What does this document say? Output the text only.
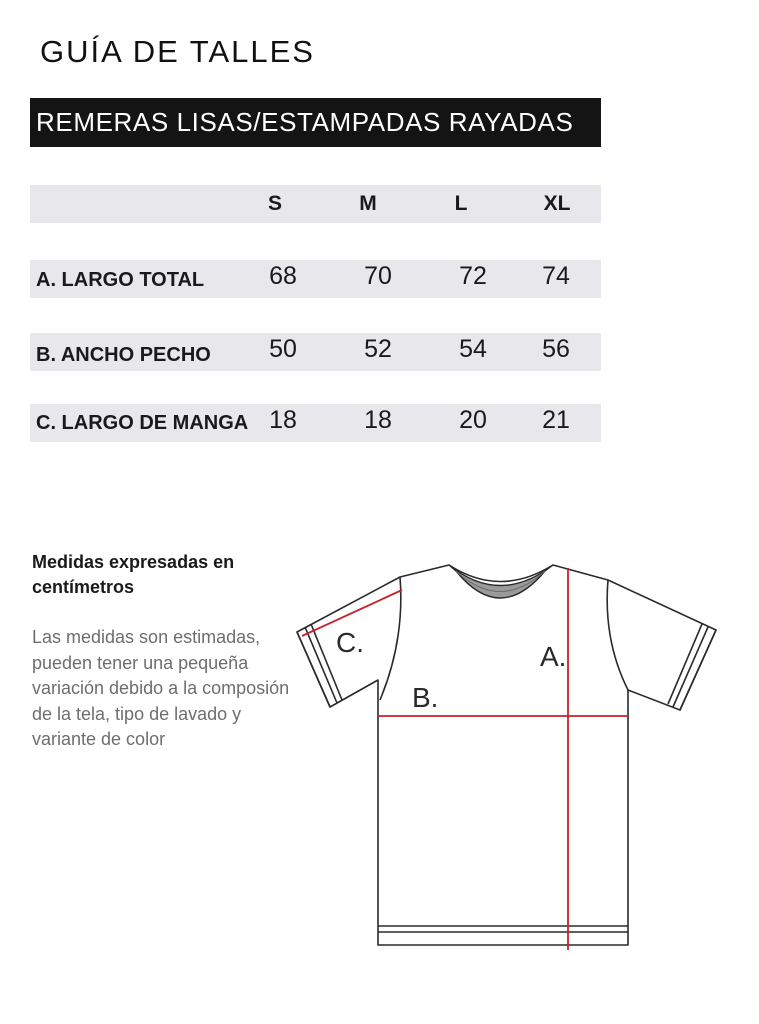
GUÍA DE TALLES
REMERAS LISAS/ESTAMPADAS RAYADAS
S	M	L	XL
A. LARGO TOTAL	68	70	72	74
B. ANCHO PECHO	50	52	54	56
C. LARGO DE MANGA 18	18	20	21
Medidas expresadas en centímetros
Las medidas son estimadas, pueden tener una pequeña variación debido a la composión de la tela, tipo de lavado y variante de color
A.
B.
C.
